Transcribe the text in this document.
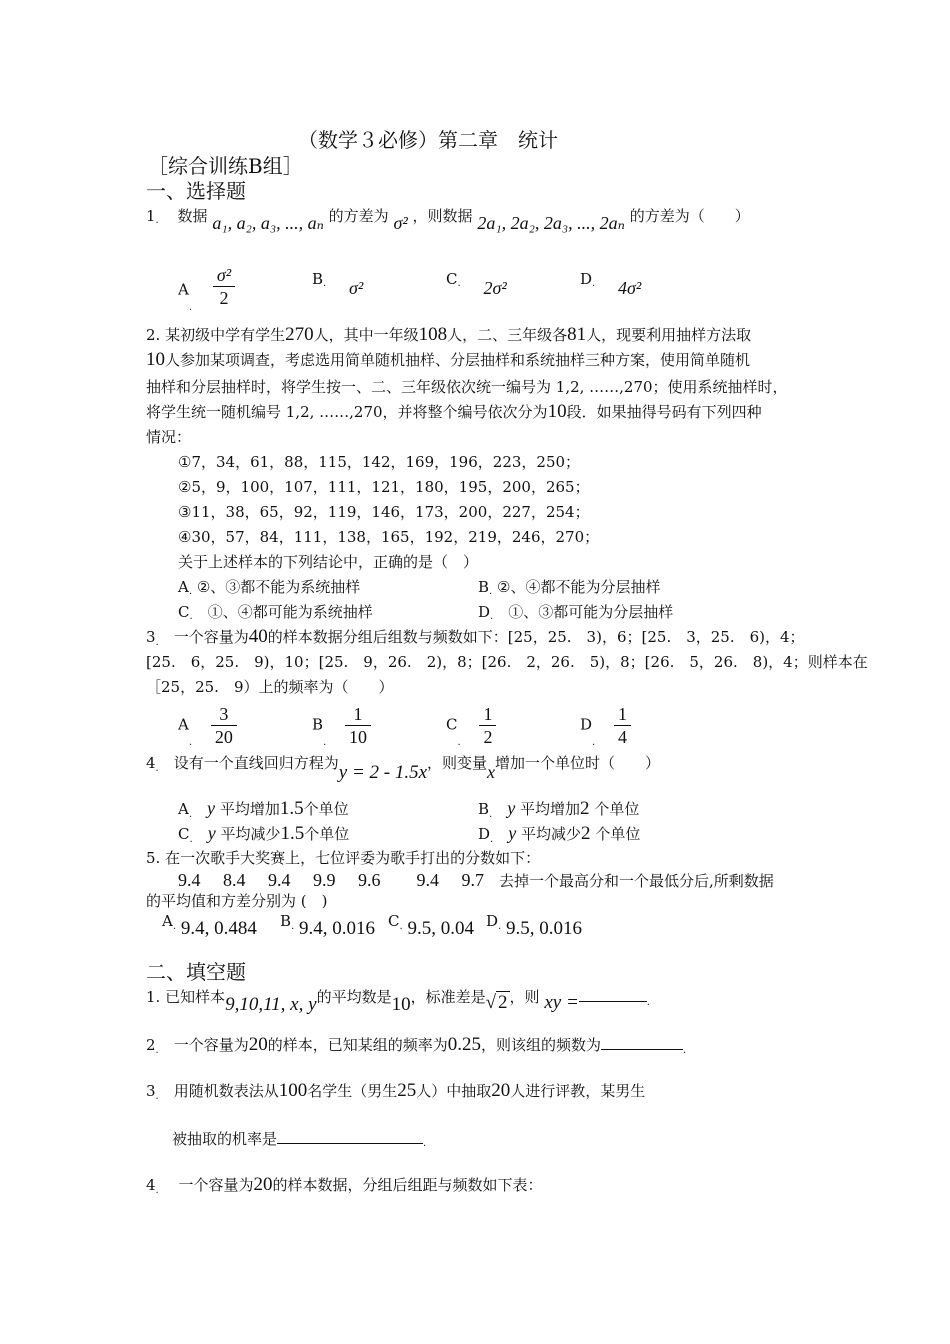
（数学３必修）第二章　统计
［综合训练B组］
一、选择题
1. 数据 a₁, a₂, a₃, ..., aₙ 的方差为 σ² ，则数据 2a₁, 2a₂, 2a₃, ..., 2aₙ 的方差为（　　）
A. $\frac{\text{σ²}}{2}$	B. σ²	C. 2σ²	D. 4σ²
2. 某初级中学有学生270人，其中一年级108人，二、三年级各81人，现要利用抽样方法取
10人参加某项调查，考虑选用简单随机抽样、分层抽样和系统抽样三种方案，使用简单随机
抽样和分层抽样时，将学生按一、二、三年级依次统一编号为 1,2, ……,270；使用系统抽样时，
将学生统一随机编号 1,2, ……,270，并将整个编号依次分为10段．如果抽得号码有下列四种
情况：
①7，34，61，88，115，142，169，196，223，250；
②5，9，100，107，111，121，180，195，200，265；
③11，38，65，92，119，146，173，200，227，254；
④30，57，84，111，138，165，192，219，246，270；
关于上述样本的下列结论中，正确的是（　）
A. ②、③都不能为系统抽样	B. ②、④都不能为分层抽样
C.　 ①、④都可能为系统抽样	D.　 ①、③都可能为分层抽样
3.　 一个容量为40的样本数据分组后组数与频数如下：[25，25.　3)，6；[25.　3，25.　6)，4；
[25.　6，25.　9)，10；[25.　9，26.　2)，8；[26.　2，26.　5)，8；[26.　5，26.　8)，4；则样本在
［25，25.　9）上的频率为（　　）
A. $\frac{3}{20}$	B. $\frac{1}{10}$	C. $\frac{1}{2}$	D. $\frac{1}{4}$
4.　 设有一个直线回归方程为y = 2 - 1.5x，则变量x增加一个单位时（　　）
A.　 y 平均增加1.5个单位	B.　 y 平均增加2 个单位
C.　 y 平均减少1.5个单位	D.　 y 平均减少2 个单位
5. 在一次歌手大奖赛上，七位评委为歌手打出的分数如下：
9.4　 8.4　 9.4　 9.9　 9.6　　9.4　 9.7　 去掉一个最高分和一个最低分后,所剩数据
的平均值和方差分别为 (　)
A. 9.4, 0.484 B. 9.4, 0.016 C. 9.5, 0.04 D. 9.5, 0.016
二、填空题
1. 已知样本9,10,11, x, y的平均数是10，标准差是√ 2 ，则 xy =	.
2.　 一个容量为20的样本，已知某组的频率为0.25，则该组的频数为	.
3.　 用随机数表法从100名学生（男生25人）中抽取20人进行评教，某男生
被抽取的机率是	.
4.　 一个容量为20的样本数据，分组后组距与频数如下表：
